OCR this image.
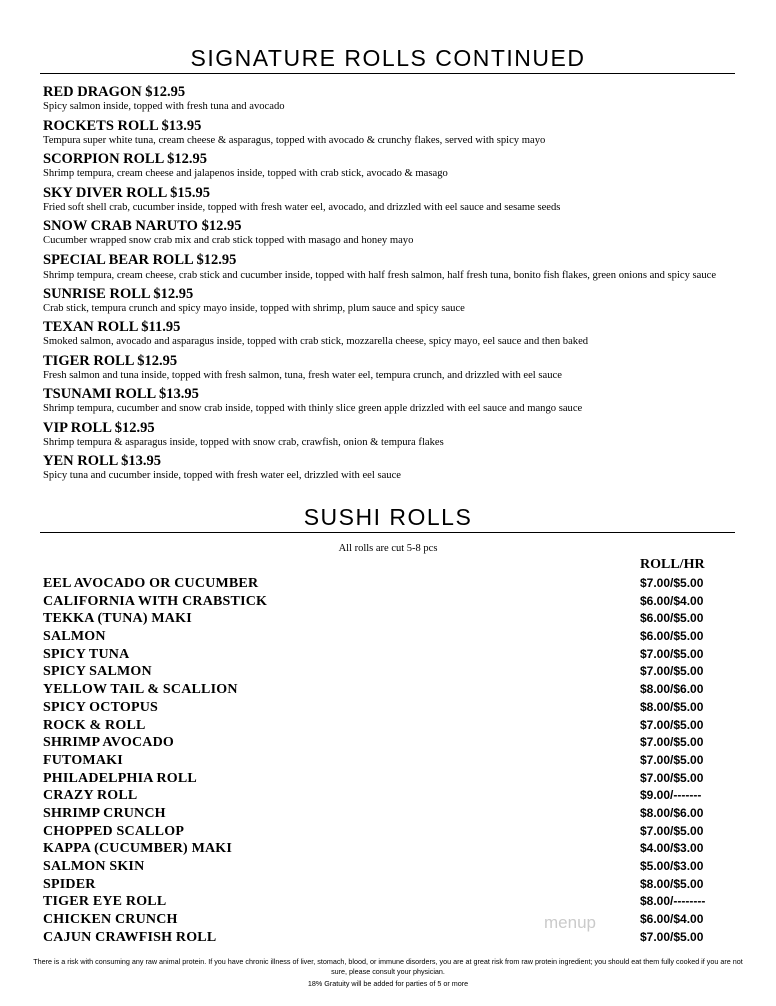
SIGNATURE ROLLS CONTINUED
RED DRAGON $12.95
Spicy salmon inside, topped with fresh tuna and avocado
ROCKETS ROLL $13.95
Tempura super white tuna, cream cheese & asparagus, topped with avocado & crunchy flakes, served with spicy mayo
SCORPION ROLL $12.95
Shrimp tempura, cream cheese and jalapenos inside, topped with crab stick, avocado & masago
SKY DIVER ROLL $15.95
Fried soft shell crab, cucumber inside, topped with fresh water eel, avocado, and drizzled with eel sauce and sesame seeds
SNOW CRAB NARUTO $12.95
Cucumber wrapped snow crab mix and crab stick topped with masago and honey mayo
SPECIAL BEAR ROLL $12.95
Shrimp tempura, cream cheese, crab stick and cucumber inside, topped with half fresh salmon, half fresh tuna, bonito fish flakes, green onions and spicy sauce
SUNRISE ROLL $12.95
Crab stick, tempura crunch and spicy mayo inside, topped with shrimp, plum sauce and spicy sauce
TEXAN ROLL $11.95
Smoked salmon, avocado and asparagus inside, topped with crab stick, mozzarella cheese, spicy mayo, eel sauce and then baked
TIGER ROLL $12.95
Fresh salmon and tuna inside, topped with fresh salmon, tuna, fresh water eel, tempura crunch, and drizzled with eel sauce
TSUNAMI ROLL $13.95
Shrimp tempura, cucumber and snow crab inside, topped with thinly slice green apple drizzled with eel sauce and mango sauce
VIP ROLL $12.95
Shrimp tempura & asparagus inside, topped with snow crab, crawfish, onion & tempura flakes
YEN ROLL $13.95
Spicy tuna and cucumber inside, topped with fresh water eel, drizzled with eel sauce
SUSHI ROLLS
All rolls are cut 5-8 pcs
ROLL/HR
EEL AVOCADO OR CUCUMBER	$7.00/$5.00
CALIFORNIA WITH CRABSTICK	$6.00/$4.00
TEKKA (TUNA) MAKI	$6.00/$5.00
SALMON	$6.00/$5.00
SPICY TUNA	$7.00/$5.00
SPICY SALMON	$7.00/$5.00
YELLOW TAIL & SCALLION	$8.00/$6.00
SPICY OCTOPUS	$8.00/$5.00
ROCK & ROLL	$7.00/$5.00
SHRIMP AVOCADO	$7.00/$5.00
FUTOMAKI	$7.00/$5.00
PHILADELPHIA ROLL	$7.00/$5.00
CRAZY ROLL	$9.00/-------
SHRIMP CRUNCH	$8.00/$6.00
CHOPPED SCALLOP	$7.00/$5.00
KAPPA (CUCUMBER) MAKI	$4.00/$3.00
SALMON SKIN	$5.00/$3.00
SPIDER	$8.00/$5.00
TIGER EYE ROLL	$8.00/--------
CHICKEN CRUNCH	$6.00/$4.00
CAJUN CRAWFISH ROLL	$7.00/$5.00
menup
There is a risk with consuming any raw animal protein. If you have chronic illness of liver, stomach, blood, or immune disorders, you are at great risk from raw protein ingredient; you should eat them fully cooked if you are not sure, please consult your physician.
18% Gratuity will be added for parties of 5 or more
